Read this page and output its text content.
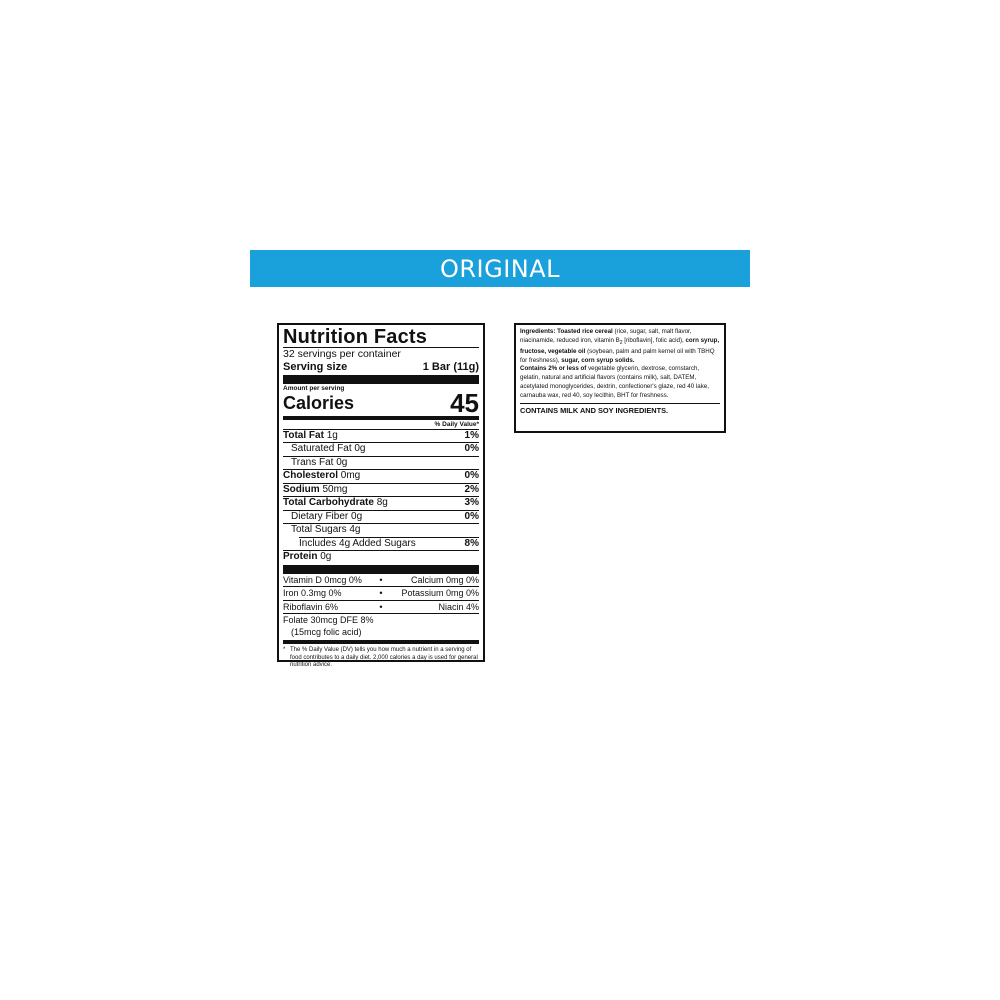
ORIGINAL
Nutrition Facts
32 servings per container
Serving size	1 Bar (11g)
Amount per serving
Calories	45
% Daily Value*
Total Fat 1g	1%
Saturated Fat 0g	0%
Trans Fat 0g
Cholesterol 0mg	0%
Sodium 50mg	2%
Total Carbohydrate 8g	3%
Dietary Fiber 0g	0%
Total Sugars 4g
Includes 4g Added Sugars	8%
Protein 0g
Vitamin D 0mcg 0%	•	Calcium 0mg 0%
Iron 0.3mg 0%	•	Potassium 0mg 0%
Riboflavin 6%	•	Niacin 4%
Folate 30mcg DFE 8%
(15mcg folic acid)
* The % Daily Value (DV) tells you how much a nutrient in a serving of food contributes to a daily diet. 2,000 calories a day is used for general nutrition advice.

Ingredients: Toasted rice cereal (rice, sugar, salt, malt flavor, niacinamide, reduced iron, vitamin $B_2$ [riboflavin], folic acid), corn syrup, fructose, vegetable oil (soybean, palm and palm kernel oil with TBHQ for freshness), sugar, corn syrup solids.

Contains 2% or less of vegetable glycerin, dextrose, cornstarch, gelatin, natural and artificial flavors (contains milk), salt, DATEM, acetylated monoglycerides, dextrin, confectioner's glaze, red 40 lake, carnauba wax, red 40, soy lecithin, BHT for freshness.

CONTAINS MILK AND SOY INGREDIENTS.
